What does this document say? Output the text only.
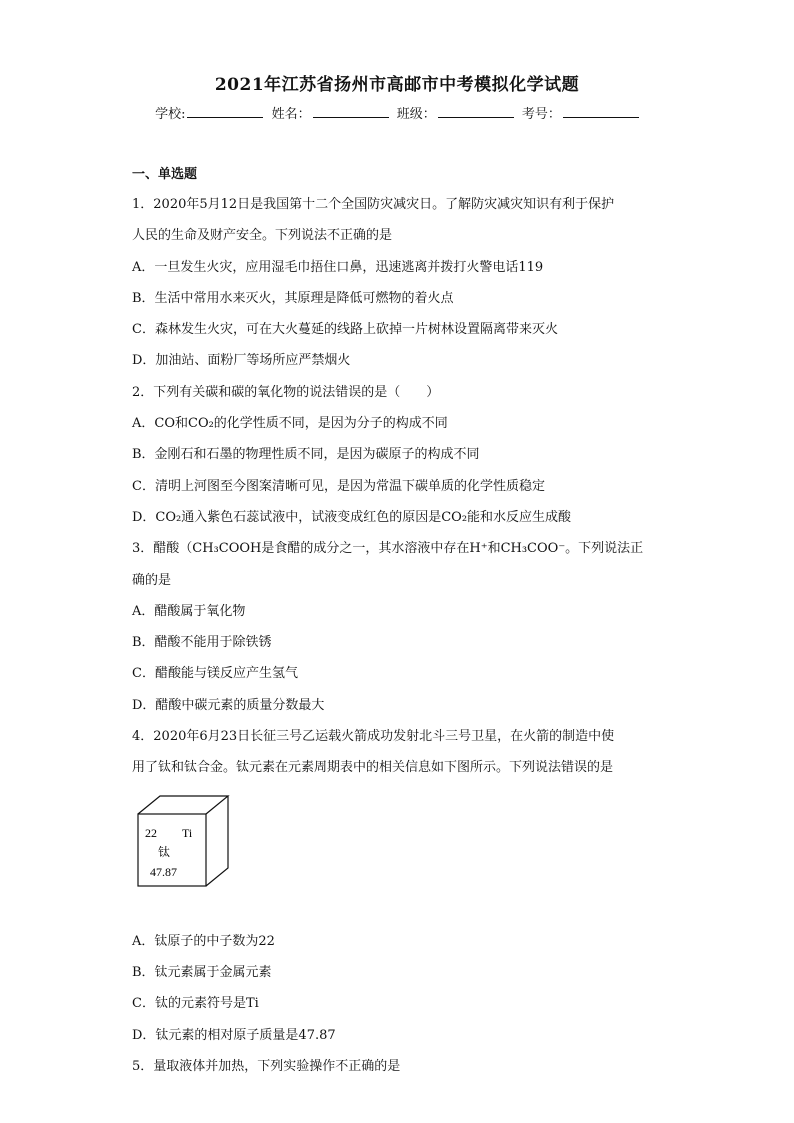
2021年江苏省扬州市高邮市中考模拟化学试题
学校:	姓名：	班级：	考号：
一、单选题
1．2020年5月12日是我国第十二个全国防灾减灾日。了解防灾减灾知识有利于保护
人民的生命及财产安全。下列说法不正确的是
A．一旦发生火灾，应用湿毛巾捂住口鼻，迅速逃离并拨打火警电话119
B．生活中常用水来灭火，其原理是降低可燃物的着火点
C．森林发生火灾，可在大火蔓延的线路上砍掉一片树林设置隔离带来灭火
D．加油站、面粉厂等场所应严禁烟火
2．下列有关碳和碳的氧化物的说法错误的是（　　）
A．CO和CO₂的化学性质不同，是因为分子的构成不同
B．金刚石和石墨的物理性质不同，是因为碳原子的构成不同
C．清明上河图至今图案清晰可见，是因为常温下碳单质的化学性质稳定
D．CO₂通入紫色石蕊试液中，试液变成红色的原因是CO₂能和水反应生成酸
3．醋酸（CH₃COOH是食醋的成分之一，其水溶液中存在H⁺和CH₃COO⁻。下列说法正
确的是
A．醋酸属于氧化物
B．醋酸不能用于除铁锈
C．醋酸能与镁反应产生氢气
D．醋酸中碳元素的质量分数最大
4．2020年6月23日长征三号乙运载火箭成功发射北斗三号卫星，在火箭的制造中使
用了钛和钛合金。钛元素在元素周期表中的相关信息如下图所示。下列说法错误的是
22 Ti
钛
47.87
A．钛原子的中子数为22
B．钛元素属于金属元素
C．钛的元素符号是Ti
D．钛元素的相对原子质量是47.87
5．量取液体并加热，下列实验操作不正确的是
